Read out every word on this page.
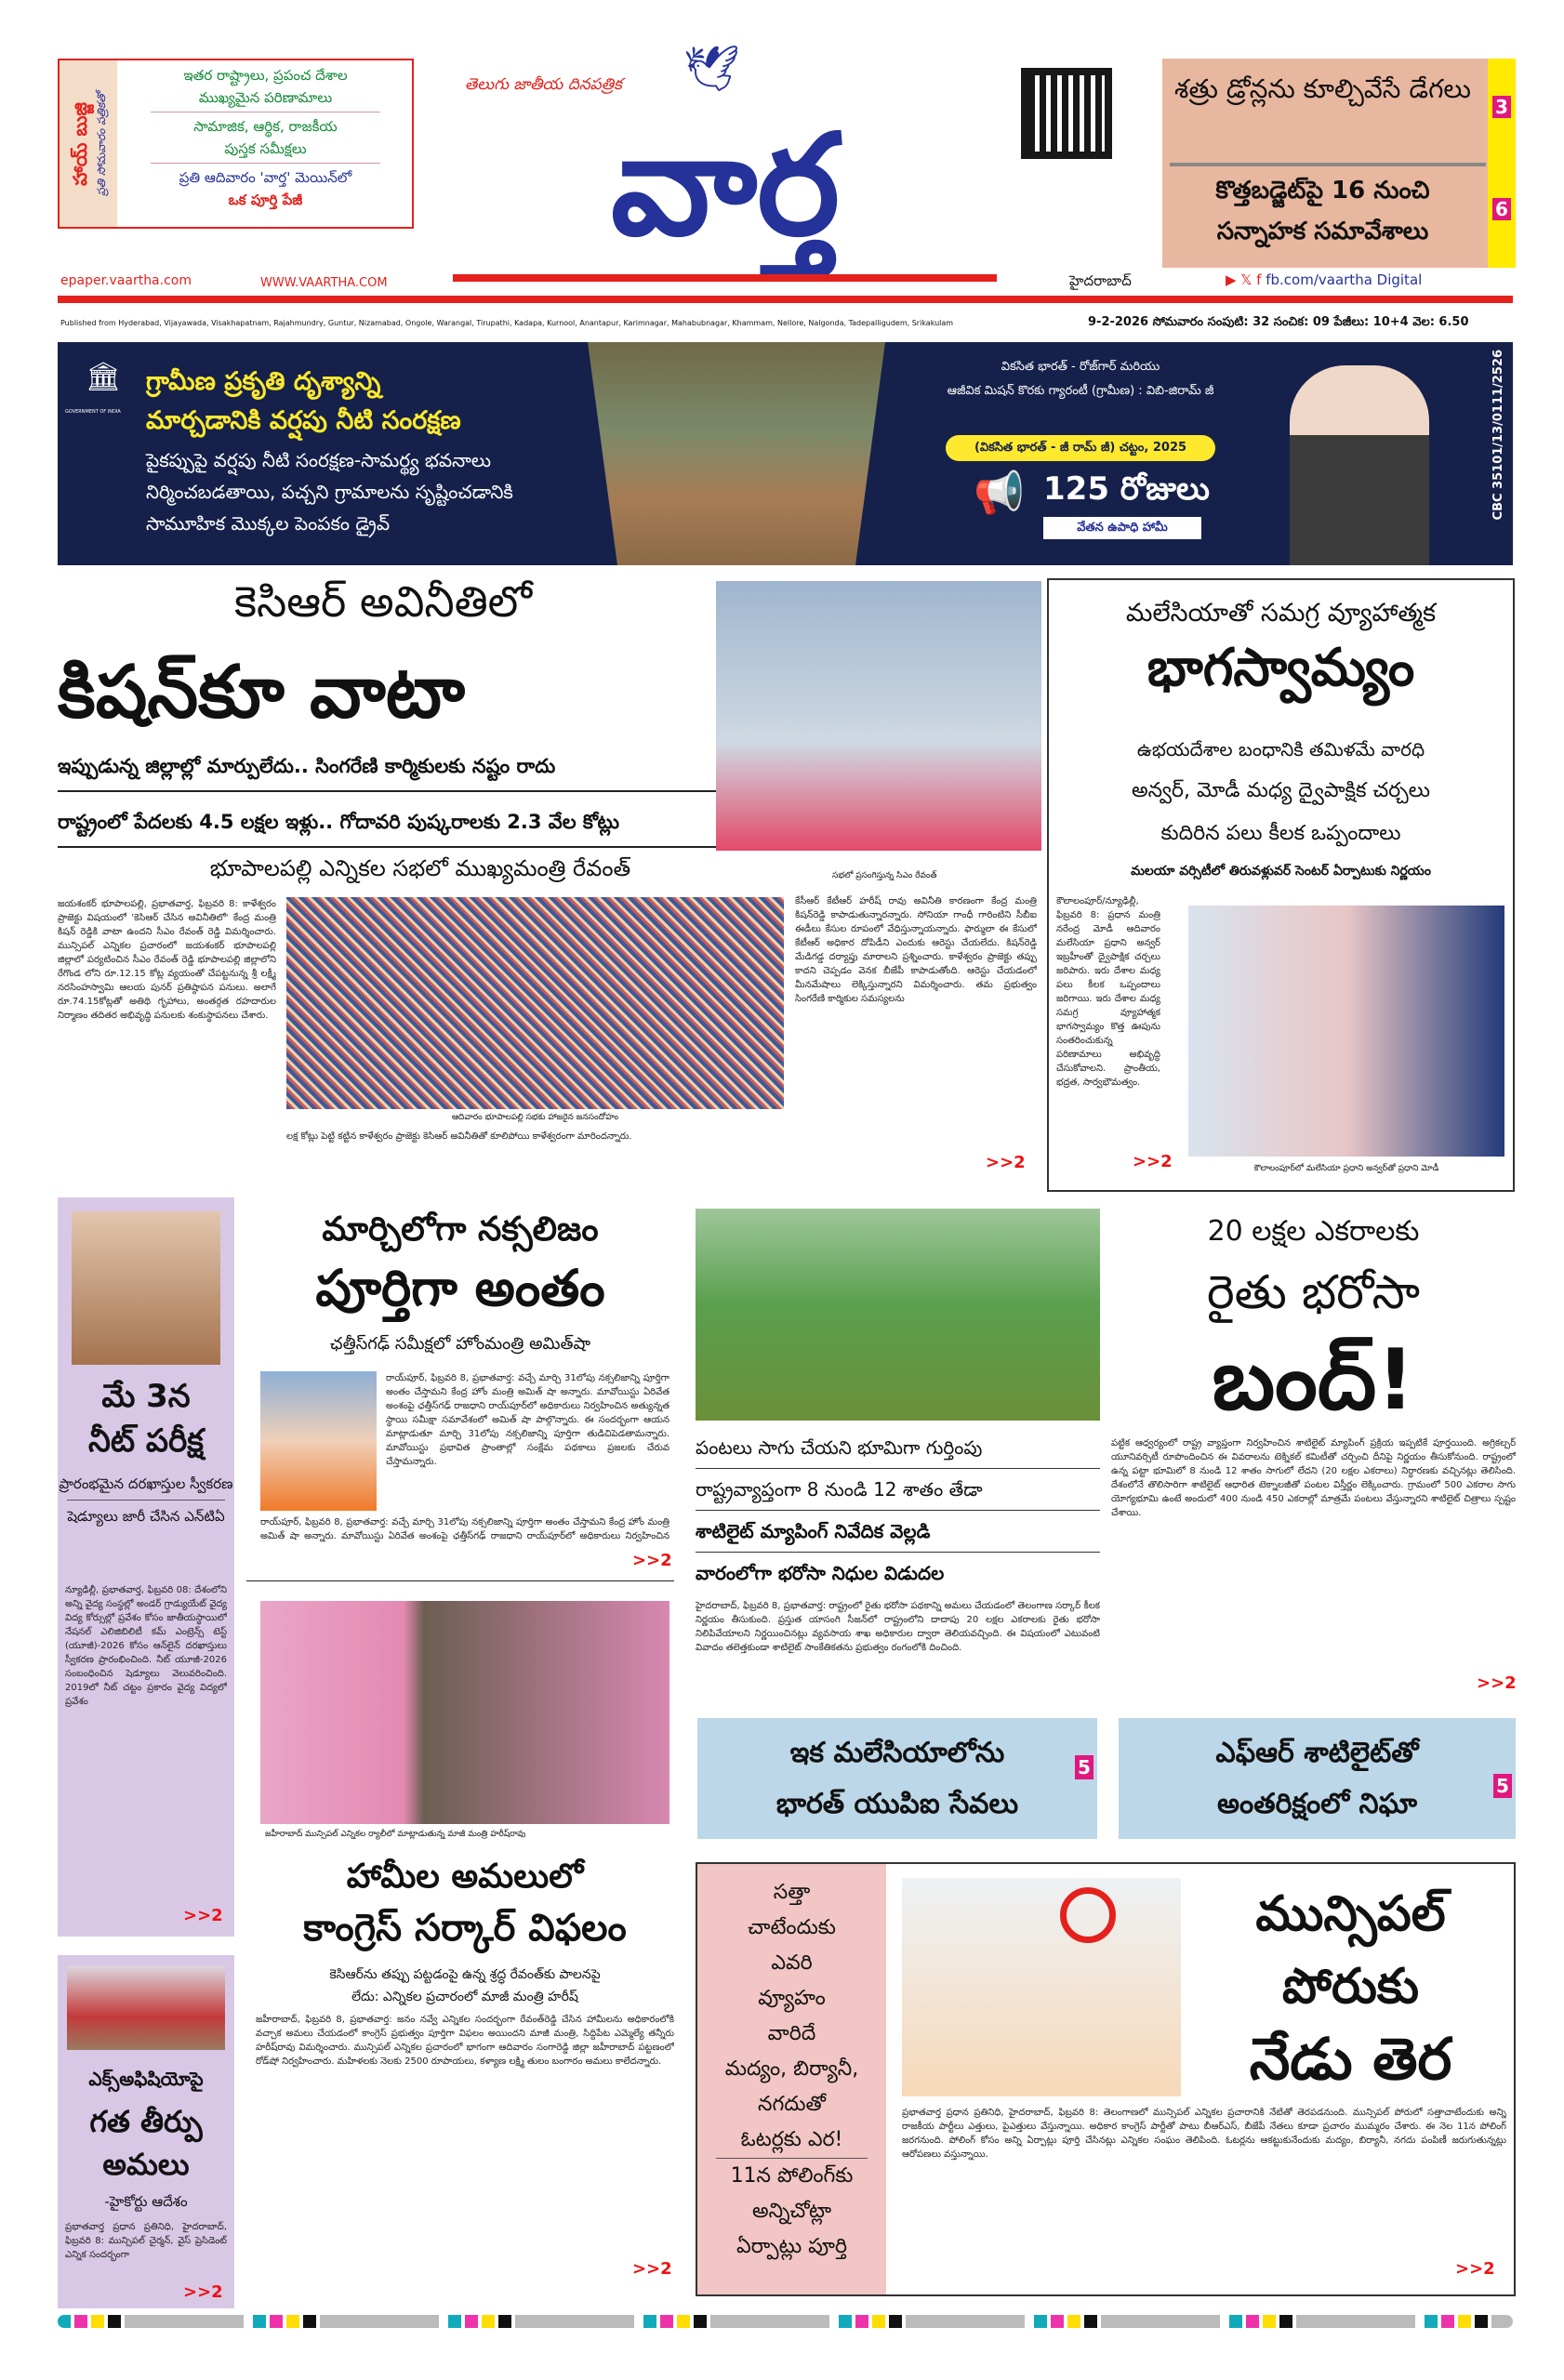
హాయ్ బుజ్జి ప్రతి సోమవారం పత్రికతో
ఇతర రాష్ట్రాలు, ప్రపంచ దేశాల
ముఖ్యమైన పరిణామాలు
సామాజిక, ఆర్థిక, రాజకీయ
పుస్తక సమీక్షలు
ప్రతి ఆదివారం 'వార్త' మెయిన్‌లో
ఒక పూర్తి పేజీ
epaper.vaartha.com	WWW.VAARTHA.COM
తెలుగు జాతీయ దినపత్రిక 🕊
వార్త
హైదరాబాద్	▶ 𝕏 f fb.com/vaartha Digital
శత్రు డ్రోన్లను కూల్చివేసే డేగలు
3
కొత్తబడ్జెట్‌పై 16 నుంచి సన్నాహక సమావేశాలు
6
Published from Hyderabad, Vijayawada, Visakhapatnam, Rajahmundry, Guntur, Nizamabad, Ongole, Warangal, Tirupathi, Kadapa, Kurnool, Anantapur, Karimnagar, Mahabubnagar, Khammam, Nellore, Nalgonda, Tadepalligudem, Srikakulam	9-2-2026 సోమవారం సంపుటి: 32 సంచిక: 09 పేజీలు: 10+4 వెల: 6.50
🏛
GOVERNMENT OF INDIA
గ్రామీణ ప్రకృతి దృశ్యాన్ని
మార్చడానికి వర్షపు నీటి సంరక్షణ
పైకప్పుపై వర్షపు నీటి సంరక్షణ-సామర్థ్య భవనాలు
నిర్మించబడతాయి, పచ్చని గ్రామాలను సృష్టించడానికి
సామూహిక మొక్కల పెంపకం డ్రైవ్
వికసిత భారత్ - రోజ్‌గార్ మరియు
ఆజీవిక మిషన్ కొరకు గ్యారంటీ (గ్రామీణ) : విబి-జిరామ్ జీ
(వికసిత భారత్ - జీ రామ్ జీ) చట్టం, 2025
📢 125 రోజులు
వేతన ఉపాధి హామీ
CBC 35101/13/0111/2526
కెసిఆర్ అవినీతిలో
కిషన్‌కూ వాటా
ఇప్పుడున్న జిల్లాల్లో మార్పులేదు.. సింగరేణి కార్మికులకు నష్టం రాదు
రాష్ట్రంలో పేదలకు 4.5 లక్షల ఇళ్లు.. గోదావరి పుష్కరాలకు 2.3 వేల కోట్లు
భూపాలపల్లి ఎన్నికల సభలో ముఖ్యమంత్రి రేవంత్	సభలో ప్రసంగిస్తున్న సిఎం రేవంత్
జయశంకర్ భూపాలపల్లి, ప్రభాతవార్త, ఫిబ్రవరి 8: కాళేశ్వరం ప్రాజెక్టు విషయంలో 'కెసిఆర్ చేసిన అవినీతిలో' కేంద్ర మంత్రి కిషన్ రెడ్డికి వాటా ఉందని సీఎం రేవంత్ రెడ్డి విమర్శించారు. మున్సిపల్ ఎన్నికల ప్రచారంలో జయశంకర్ భూపాలపల్లి జిల్లాలో పర్యటించిన సీఎం రేవంత్ రెడ్డి భూపాలపల్లి జిల్లాలోని రేగొండ లోని రూ.12.15 కోట్ల వ్యయంతో చేపట్టనున్న శ్రీ లక్ష్మీ నరసింహస్వామి ఆలయ పునర్ ప్రతిష్ఠాపన పనులు. అలాగే రూ.74.15కోట్లతో అతిథి గృహాలు, అంతర్గత రహదారుల నిర్మాణం తదితర అభివృద్ధి పనులకు శంకుస్థాపనలు చేశారు.
ఆదివారం భూపాలపల్లి సభకు హాజరైన జనసందోహం
లక్ష కోట్లు పెట్టి కట్టిన కాళేశ్వరం ప్రాజెక్టు కెసిఆర్ అవినీతితో కూలిపోయి కాళేశ్వరంగా మారిందన్నారు.
కేసీఆర్ కేటీఆర్ హరీష్ రావు అవినీతి కారణంగా కేంద్ర మంత్రి కిషన్‌రెడ్డి కాపాడుతున్నారన్నారు. సోనియా గాంధీ గారింటిని సీబీఐ ఈడీలు కేసుల రూపంలో వేధిస్తున్నాయన్నారు. ఫార్ములా ఈ కేసులో కేటీఆర్ అధికార దోపిడీని ఎందుకు ఆరెస్టు చేయలేదు. కిషన్‌రెడ్డి మేడిగడ్డ దర్యాప్తు మారాలని ప్రశ్నించారు. కాళేశ్వరం ప్రాజెక్టు తప్పు కాదని చెప్పడం వెనక బీజేపీ కాపాడుతోంది. ఆరెస్టు చేయడంలో మీనమేషాలు లెక్కిస్తున్నారని విమర్శించారు. తమ ప్రభుత్వం సింగరేణి కార్మికుల సమస్యలను
>>2
మలేసియాతో సమగ్ర వ్యూహాత్మక
భాగస్వామ్యం
ఉభయదేశాల బంధానికి తమిళమే వారధి
అన్వర్, మోడీ మధ్య ద్వైపాక్షిక చర్చలు
కుదిరిన పలు కీలక ఒప్పందాలు
మలయా వర్సిటీలో తిరువళ్లువర్ సెంటర్ ఏర్పాటుకు నిర్ణయం
కౌలాలంపూర్/న్యూఢిల్లీ, ఫిబ్రవరి 8: ప్రధాన మంత్రి నరేంద్ర మోడీ ఆదివారం మలేసియా ప్రధాని అన్వర్ ఇబ్రహీంతో ద్వైపాక్షిక చర్చలు జరిపారు. ఇరు దేశాల మధ్య పలు కీలక ఒప్పందాలు జరిగాయి. ఇరు దేశాల మధ్య సమగ్ర వ్యూహాత్మక భాగస్వామ్యం కొత్త ఊపును సంతరించుకున్న పరిణామాలు అభివృద్ధి చేసుకోవాలని. ప్రాంతీయ, భద్రత, సార్వభౌమత్వం.
>>2	కౌలాలంపూర్‌లో మలేసియా ప్రధాని అన్వర్‌తో ప్రధాని మోడీ
మే 3న
నీట్ పరీక్ష
ప్రారంభమైన దరఖాస్తుల స్వీకరణ
షెడ్యూలు జారీ చేసిన ఎన్‌టిఏ
న్యూఢిల్లీ, ప్రభాతవార్త, ఫిబ్రవరి 08: దేశంలోని అన్ని వైద్య సంస్థల్లో అండర్ గ్రాడ్యుయేట్ వైద్య విద్య కోర్సుల్లో ప్రవేశం కోసం జాతీయస్థాయిలో నేషనల్ ఎలిజిబిలిటీ కమ్ ఎంట్రెన్స్ టెస్ట్ (యూజీ)-2026 కోసం ఆన్‌లైన్ దరఖాస్తులు స్వీకరణ ప్రారంభించింది. నీట్ యూజీ-2026 సంబంధించిన షెడ్యూలు వెలువరించింది. 2019లో నీట్ చట్టం ప్రకారం వైద్య విద్యలో ప్రవేశం
>>2
ఎక్స్‌అఫిషియోపై
గత తీర్పు
అమలు
-హైకోర్టు ఆదేశం
ప్రభాతవార్త ప్రధాన ప్రతినిధి, హైదరాబాద్, ఫిబ్రవరి 8: మున్సిపల్ చైర్మన్, వైస్ ప్రెసిడెంట్ ఎన్నిక సందర్భంగా
>>2
మార్చిలోగా నక్సలిజం
పూర్తిగా అంతం
ఛత్తీస్‌గఢ్ సమీక్షలో హోంమంత్రి అమిత్‌షా
రాయ్‌పూర్, ఫిబ్రవరి 8, ప్రభాతవార్త: వచ్చే మార్చి 31లోపు నక్సలిజాన్ని పూర్తిగా అంతం చేస్తామని కేంద్ర హోం మంత్రి అమిత్ షా అన్నారు. మావోయిస్టు ఏరివేత అంశంపై ఛత్తీస్‌గఢ్ రాజధాని రాయ్‌పూర్‌లో అధికారులు నిర్వహించిన అత్యున్నత స్థాయి సమీక్షా సమావేశంలో అమిత్ షా పాల్గొన్నారు. ఈ సందర్భంగా ఆయన మాట్లాడుతూ మార్చి 31లోపు నక్సలిజాన్ని పూర్తిగా తుడిచిపెడతామన్నారు. మావోయిస్టు ప్రభావిత ప్రాంతాల్లో సంక్షేమ పథకాలు ప్రజలకు చేరువ చేస్తామన్నారు.
రాయ్‌పూర్, ఫిబ్రవరి 8, ప్రభాతవార్త: వచ్చే మార్చి 31లోపు నక్సలిజాన్ని పూర్తిగా అంతం చేస్తామని కేంద్ర హోం మంత్రి అమిత్ షా అన్నారు. మావోయిస్టు ఏరివేత అంశంపై ఛత్తీస్‌గఢ్ రాజధాని రాయ్‌పూర్‌లో అధికారులు నిర్వహించిన
>>2
జహీరాబాద్ మున్సిపల్ ఎన్నికల ర్యాలీలో మాట్లాడుతున్న మాజీ మంత్రి హరీష్‌రావు
హామీల అమలులో
కాంగ్రెస్ సర్కార్ విఫలం
కెసిఆర్‌ను తప్పు పట్టడంపై ఉన్న శ్రద్ధ రేవంత్‌కు పాలనపై
లేదు: ఎన్నికల ప్రచారంలో మాజీ మంత్రి హరీష్
జహీరాబాద్, ఫిబ్రవరి 8, ప్రభాతవార్త: జనం నవ్వే ఎన్నికల సందర్భంగా రేవంత్‌రెడ్డి చేసిన హామీలను అధికారంలోకి వచ్చాక అమలు చేయడంలో కాంగ్రెస్ ప్రభుత్వం పూర్తిగా విఫలం అయిందని మాజీ మంత్రి, సిద్దిపేట ఎమ్మెల్యే తన్నీరు హరీష్‌రావు విమర్శించారు. మున్సిపల్ ఎన్నికల ప్రచారంలో భాగంగా ఆదివారం సంగారెడ్డి జిల్లా జహీరాబాద్ పట్టణంలో రోడ్‌షో నిర్వహించారు. మహిళలకు నెలకు 2500 రూపాయలు, కళ్యాణ లక్ష్మి తులం బంగారం అమలు కాలేదన్నారు.
>>2
పంటలు సాగు చేయని భూమిగా గుర్తింపు
రాష్ట్రవ్యాప్తంగా 8 నుండి 12 శాతం తేడా
శాటిలైట్ మ్యాపింగ్ నివేదిక వెల్లడి
వారంలోగా భరోసా నిధుల విడుదల
హైదరాబాద్, ఫిబ్రవరి 8, ప్రభాతవార్త: రాష్ట్రంలో రైతు భరోసా పథకాన్ని అమలు చేయడంలో తెలంగాణ సర్కార్ కీలక నిర్ణయం తీసుకుంది. ప్రస్తుత యాసంగి సీజన్‌లో రాష్ట్రంలోని దాదాపు 20 లక్షల ఎకరాలకు రైతు భరోసా నిలిపివేయాలని నిర్ణయించినట్లు వ్యవసాయ శాఖ అధికారుల ద్వారా తెలియవచ్చింది. ఈ విషయంలో ఎటువంటి వివాదం తలెత్తకుండా శాటిలైట్ సాంకేతికతను ప్రభుత్వం రంగంలోకి దించింది.
20 లక్షల ఎకరాలకు
రైతు భరోసా
బంద్!
పట్టిక ఆధ్వర్యంలో రాష్ట్ర వ్యాప్తంగా నిర్వహించిన శాటిలైట్ మ్యాపింగ్ ప్రక్రియ ఇప్పటికే పూర్తయింది. అగ్రికల్చర్ యూనివర్సిటీ రూపొందించిన ఈ వివరాలను టెక్నికల్ కమిటీతో చర్చించి దీనిపై నిర్ణయం తీసుకోనుంది. రాష్ట్రంలో ఉన్న పట్టా భూమిలో 8 నుండి 12 శాతం సాగులో లేదని (20 లక్షల ఎకరాలు) నిర్ధారణకు వచ్చినట్లు తెలిసింది. దేశంలోనే తొలిసారిగా శాటిలైట్ ఆధారిత టెక్నాలజీతో పంటల విస్తీర్ణం లెక్కించారు. గ్రామంలో 500 ఎకరాల సాగు యోగ్యభూమి ఉంటే అందులో 400 నుండి 450 ఎకరాల్లో మాత్రమే పంటలు వేస్తున్నారని శాటిలైట్ చిత్రాలు స్పష్టం చేశాయి.
>>2
ఇక మలేసియాలోను
భారత్ యుపిఐ సేవలు
5	ఎఫ్‌ఆర్ శాటిలైట్‌తో
అంతరిక్షంలో నిఘా
5
సత్తా
చాటేందుకు
ఎవరి
వ్యూహం
వారిదే
మద్యం, బిర్యానీ,
నగదుతో
ఓటర్లకు ఎర!
11న పోలింగ్‌కు
అన్నిచోట్లా
ఏర్పాట్లు పూర్తి
మున్సిపల్
పోరుకు
నేడు తెర
ప్రభాతవార్త ప్రధాన ప్రతినిధి, హైదరాబాద్, ఫిబ్రవరి 8: తెలంగాణలో మున్సిపల్ ఎన్నికల ప్రచారానికి నేటితో తెరపడనుంది. మున్సిపల్ పోరులో సత్తాచాటేందుకు అన్ని రాజకీయ పార్టీలు ఎత్తులు, పైఎత్తులు వేస్తున్నాయి. అధికార కాంగ్రెస్ పార్టీతో పాటు బీఆర్ఎస్, బీజేపీ నేతలు కూడా ప్రచారం ముమ్మరం చేశారు. ఈ నెల 11న పోలింగ్ జరగనుంది. పోలింగ్ కోసం అన్ని ఏర్పాట్లు పూర్తి చేసినట్లు ఎన్నికల సంఘం తెలిపింది. ఓటర్లను ఆకట్టుకునేందుకు మద్యం, బిర్యానీ, నగదు పంపిణీ జరుగుతున్నట్లు ఆరోపణలు వస్తున్నాయి.
>>2
